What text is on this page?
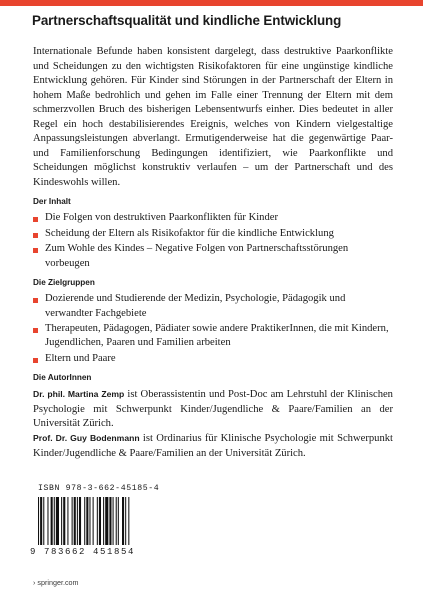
Partnerschaftsqualität und kindliche Entwicklung

Internationale Befunde haben konsistent dargelegt, dass destruktive Paarkonflikte und Scheidungen zu den wichtigsten Risikofaktoren für eine ungünstige kindliche Entwicklung gehören. Für Kinder sind Störungen in der Partnerschaft der Eltern in hohem Maße bedrohlich und gehen im Falle einer Trennung der Eltern mit dem schmerzvollen Bruch des bisherigen Lebensentwurfs einher. Dies bedeutet in aller Regel ein hoch destabilisierendes Ereignis, welches von Kindern vielgestaltige Anpassungsleistungen abverlangt. Ermutigenderweise hat die gegenwärtige Paar- und Familienforschung Bedingungen identifiziert, wie Paarkonflikte und Scheidungen möglichst konstruktiv verlaufen – um der Partnerschaft und des Kindeswohls willen.

Der Inhalt
Die Folgen von destruktiven Paarkonflikten für Kinder
Scheidung der Eltern als Risikofaktor für die kindliche Entwicklung
Zum Wohle des Kindes – Negative Folgen von Partnerschaftsstörungen vorbeugen
Die Zielgruppen
Dozierende und Studierende der Medizin, Psychologie, Pädagogik und verwandter Fachgebiete
Therapeuten, Pädagogen, Pädiater sowie andere PraktikerInnen, die mit Kindern, Jugendlichen, Paaren und Familien arbeiten
Eltern und Paare
Die AutorInnen

Dr. phil. Martina Zemp ist Oberassistentin und Post-Doc am Lehrstuhl der Klinischen Psychologie mit Schwerpunkt Kinder/Jugendliche & Paare/Familien an der Universität Zürich.

Prof. Dr. Guy Bodenmann ist Ordinarius für Klinische Psychologie mit Schwerpunkt Kinder/Jugendliche & Paare/Familien an der Universität Zürich.

ISBN 978-3-662-45185-4
9 783662 451854
› springer.com
